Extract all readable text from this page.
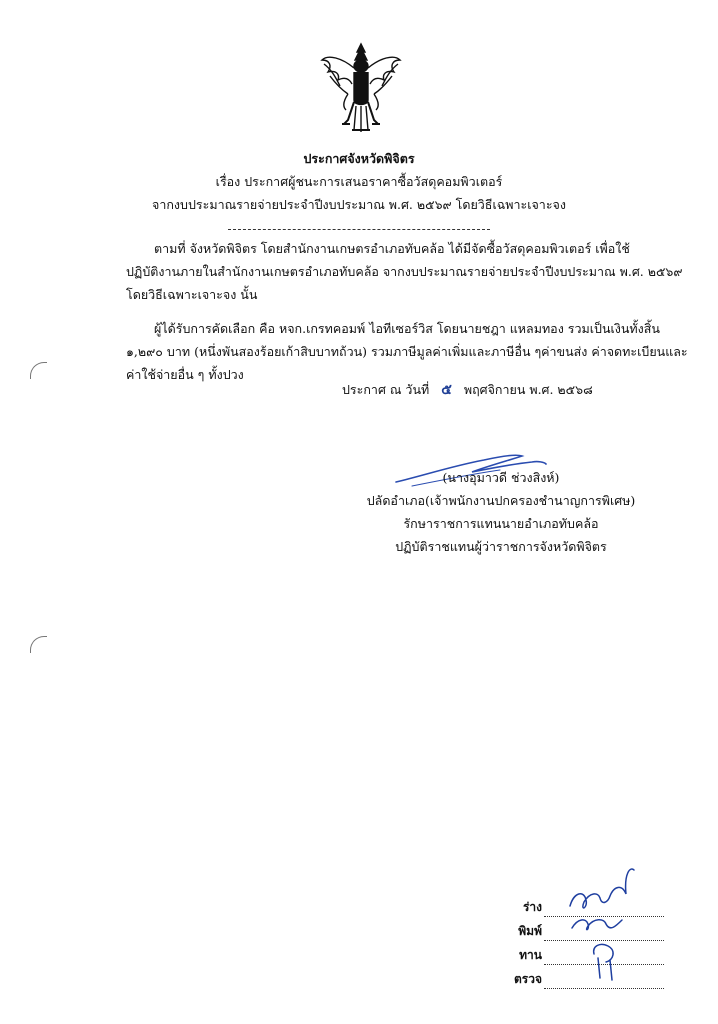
ประกาศจังหวัดพิจิตร
เรื่อง ประกาศผู้ชนะการเสนอราคาซื้อวัสดุคอมพิวเตอร์
จากงบประมาณรายจ่ายประจำปีงบประมาณ พ.ศ. ๒๕๖๙ โดยวิธีเฉพาะเจาะจง
ตามที่ จังหวัดพิจิตร โดยสำนักงานเกษตรอำเภอทับคล้อ ได้มีจัดซื้อวัสดุคอมพิวเตอร์ เพื่อใช้
ปฏิบัติงานภายในสำนักงานเกษตรอำเภอทับคล้อ จากงบประมาณรายจ่ายประจำปีงบประมาณ พ.ศ. ๒๕๖๙
โดยวิธีเฉพาะเจาะจง นั้น
ผู้ได้รับการคัดเลือก คือ หจก.เกรทคอมพ์ ไอทีเซอร์วิส โดยนายชฎา แหลมทอง รวมเป็นเงินทั้งสิ้น
๑,๒๙๐ บาท (หนึ่งพันสองร้อยเก้าสิบบาทถ้วน) รวมภาษีมูลค่าเพิ่มและภาษีอื่น ๆค่าขนส่ง ค่าจดทะเบียนและ
ค่าใช้จ่ายอื่น ๆ ทั้งปวง
ประกาศ ณ วันที่ ๕ พฤศจิกายน พ.ศ. ๒๕๖๘
(นางอุมาวดี ช่วงสิงห์)
ปลัดอำเภอ(เจ้าพนักงานปกครองชำนาญการพิเศษ)
รักษาราชการแทนนายอำเภอทับคล้อ
ปฏิบัติราชแทนผู้ว่าราชการจังหวัดพิจิตร
ร่าง
พิมพ์
ทาน
ตรวจ
